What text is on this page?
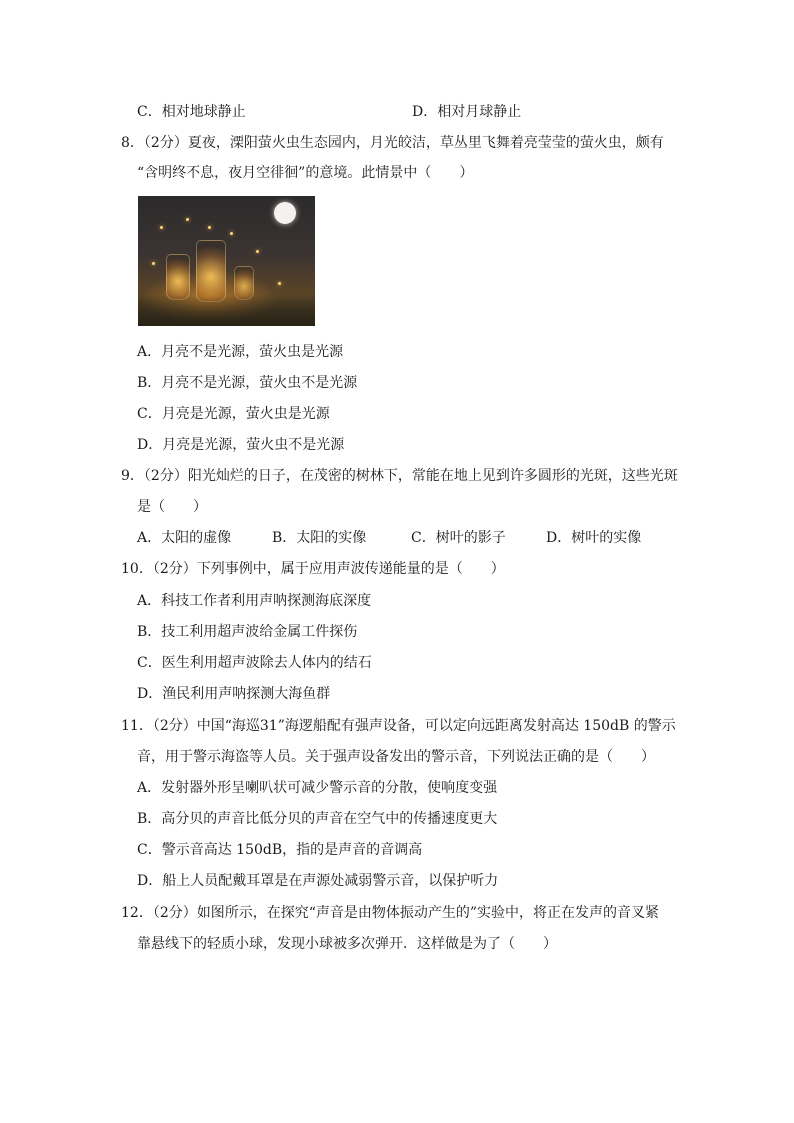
C．相对地球静止	D．相对月球静止
8．（2分）夏夜，溧阳萤火虫生态园内，月光皎洁，草丛里飞舞着亮莹莹的萤火虫，颇有
“含明终不息，夜月空徘徊”的意境。此情景中（　　）
A．月亮不是光源，萤火虫是光源
B．月亮不是光源，萤火虫不是光源
C．月亮是光源，萤火虫是光源
D．月亮是光源，萤火虫不是光源
9．（2分）阳光灿烂的日子，在茂密的树林下，常能在地上见到许多圆形的光斑，这些光斑
是（　　）
A．太阳的虚像	B．太阳的实像	C．树叶的影子	D．树叶的实像
10．（2分）下列事例中，属于应用声波传递能量的是（　　）
A．科技工作者利用声呐探测海底深度
B．技工利用超声波给金属工件探伤
C．医生利用超声波除去人体内的结石
D．渔民利用声呐探测大海鱼群
11．（2分）中国“海巡31”海逻船配有强声设备，可以定向远距离发射高达 150dB 的警示
音，用于警示海盗等人员。关于强声设备发出的警示音，下列说法正确的是（　　）
A．发射器外形呈喇叭状可减少警示音的分散，使响度变强
B．高分贝的声音比低分贝的声音在空气中的传播速度更大
C．警示音高达 150dB，指的是声音的音调高
D．船上人员配戴耳罩是在声源处减弱警示音，以保护听力
12．（2分）如图所示，在探究“声音是由物体振动产生的”实验中，将正在发声的音叉紧
靠悬线下的轻质小球，发现小球被多次弹开．这样做是为了（　　）
